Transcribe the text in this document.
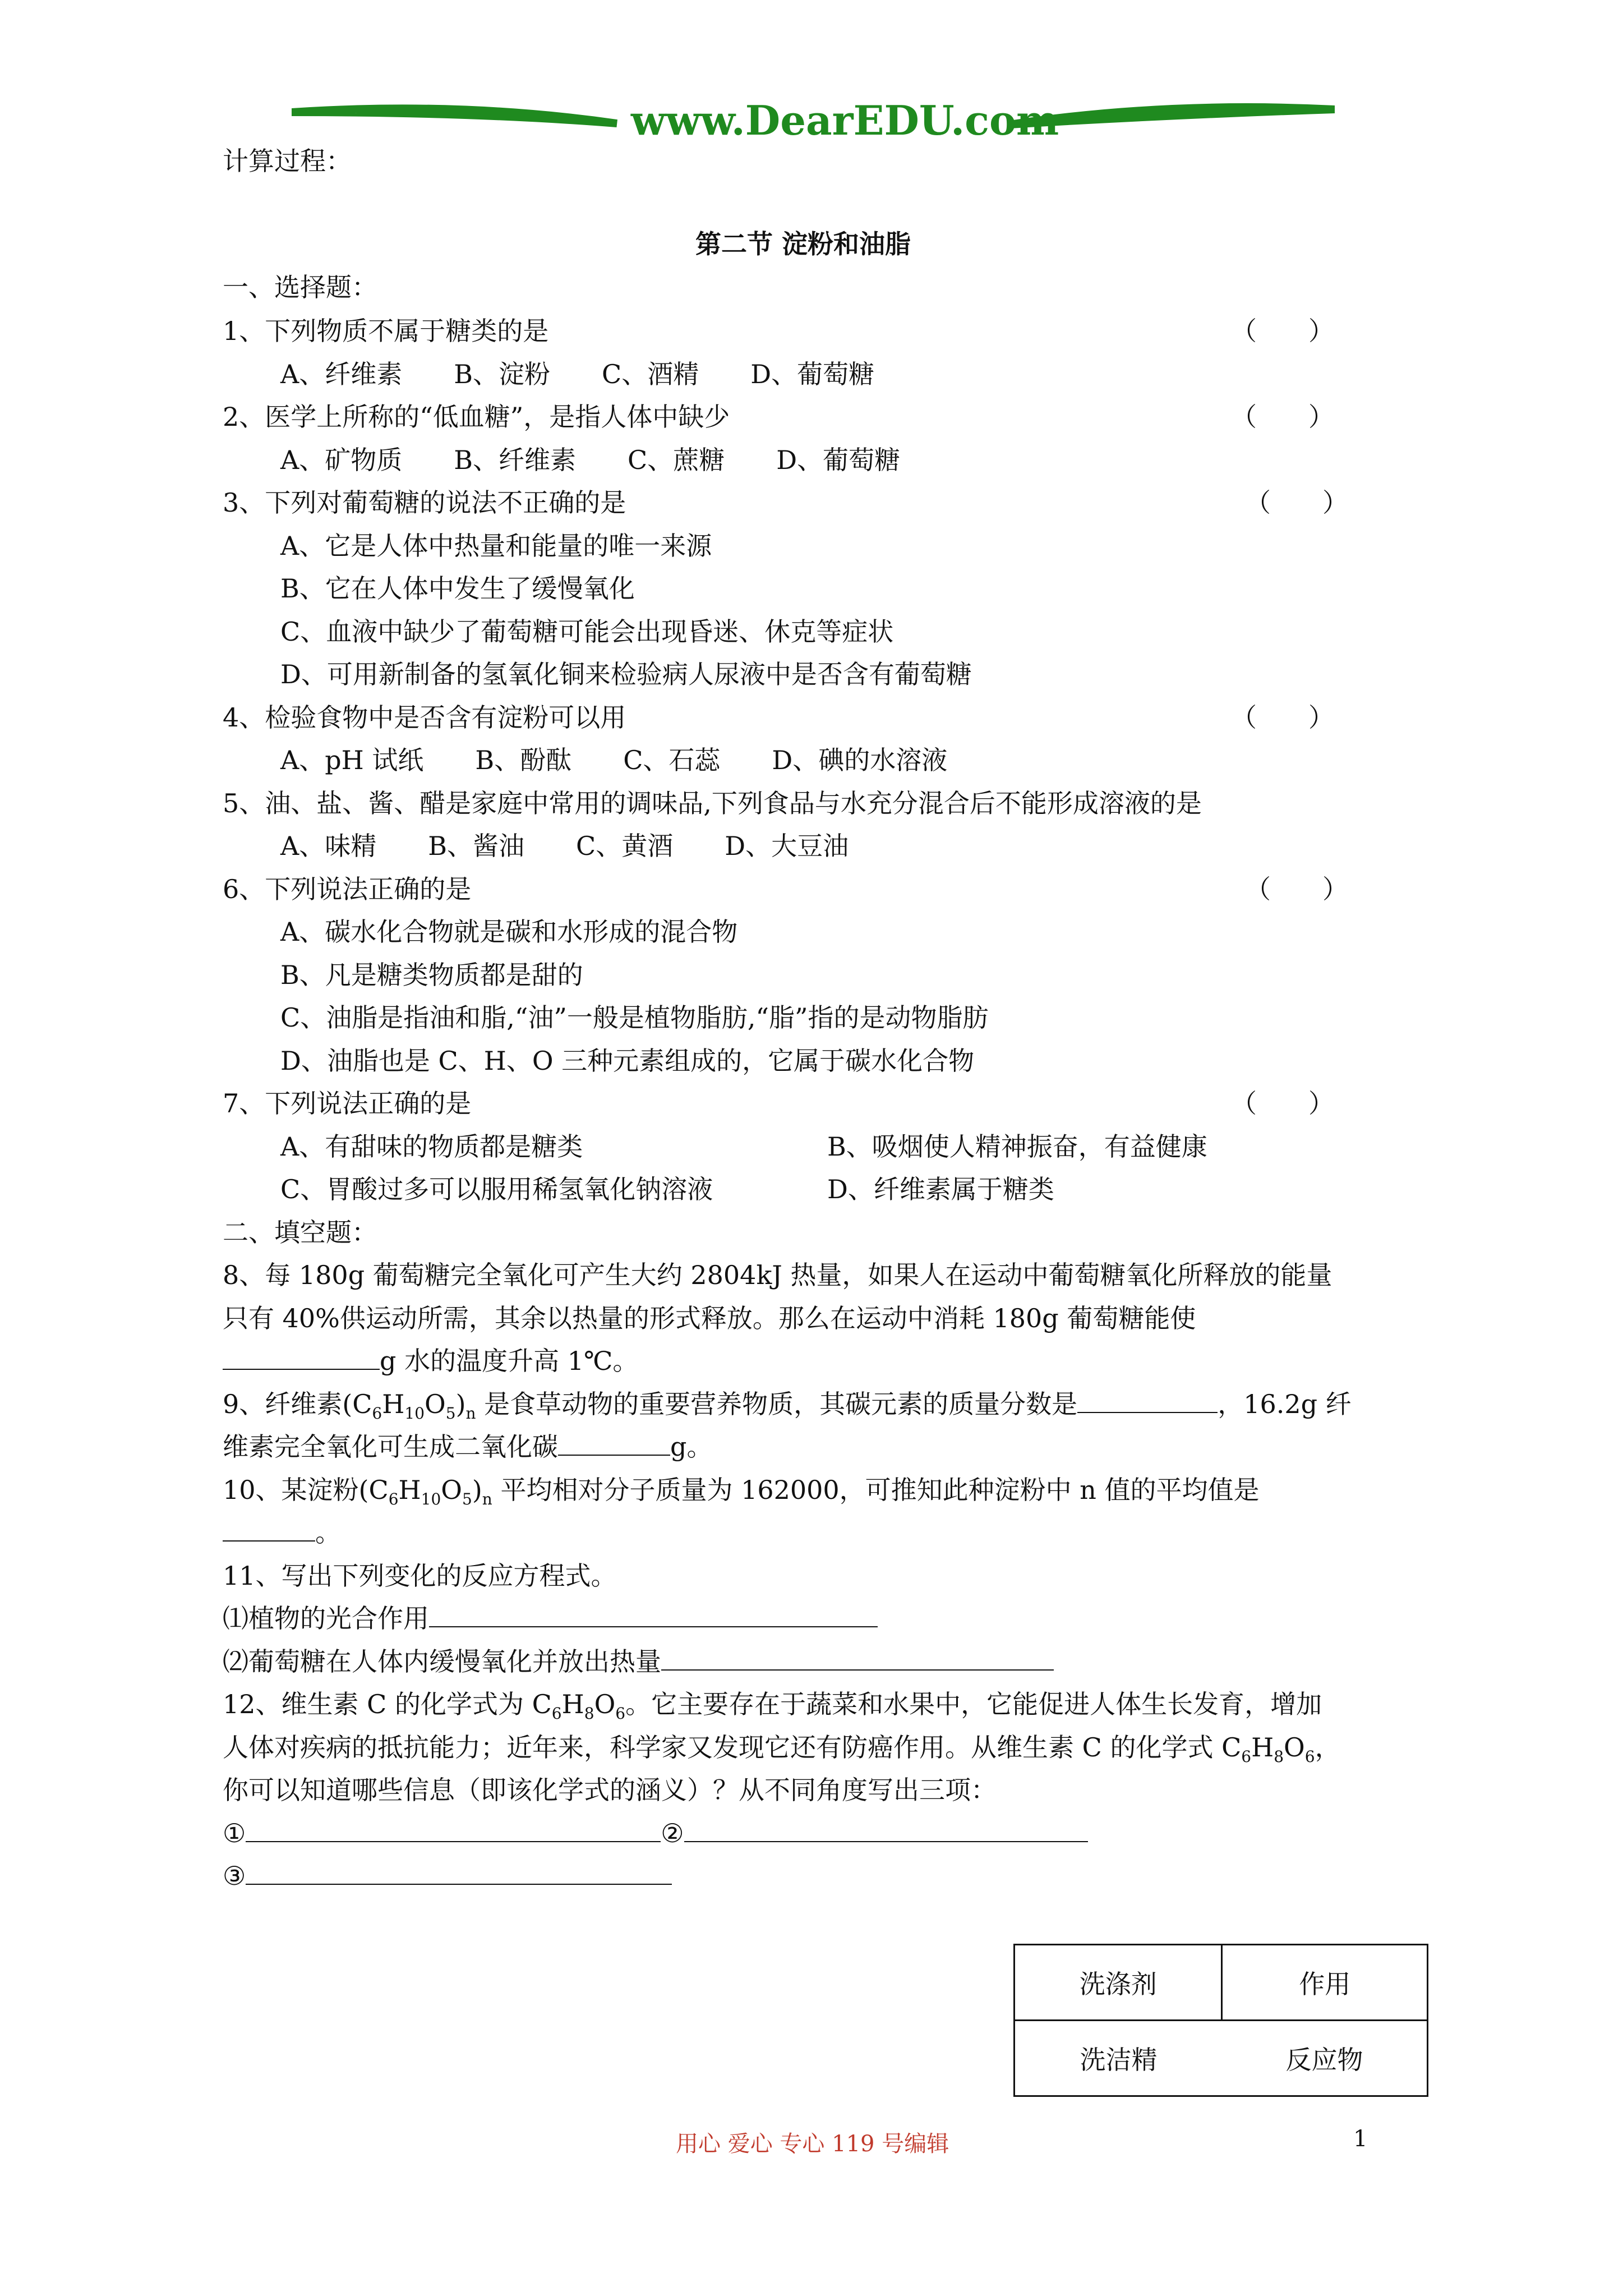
www.DearEDU.com
计算过程：
第二节 淀粉和油脂
一、选择题：
1、下列物质不属于糖类的是	（　　）
A、纤维素　　B、淀粉　　C、酒精　　D、葡萄糖
2、医学上所称的“低血糖”，是指人体中缺少	（　　）
A、矿物质　　B、纤维素　　C、蔗糖　　D、葡萄糖
3、下列对葡萄糖的说法不正确的是	（　　）
A、它是人体中热量和能量的唯一来源
B、它在人体中发生了缓慢氧化
C、血液中缺少了葡萄糖可能会出现昏迷、休克等症状
D、可用新制备的氢氧化铜来检验病人尿液中是否含有葡萄糖
4、检验食物中是否含有淀粉可以用	（　　）
A、pH 试纸　　B、酚酞　　C、石蕊　　D、碘的水溶液
5、油、盐、酱、醋是家庭中常用的调味品,下列食品与水充分混合后不能形成溶液的是
A、味精　　B、酱油　　C、黄酒　　D、大豆油
6、下列说法正确的是	（　　）
A、碳水化合物就是碳和水形成的混合物
B、凡是糖类物质都是甜的
C、油脂是指油和脂,“油”一般是植物脂肪,“脂”指的是动物脂肪
D、油脂也是 C、H、O 三种元素组成的，它属于碳水化合物
7、下列说法正确的是	（　　）
A、有甜味的物质都是糖类	B、吸烟使人精神振奋，有益健康
C、胃酸过多可以服用稀氢氧化钠溶液	D、纤维素属于糖类
二、填空题：
8、每 180g 葡萄糖完全氧化可产生大约 2804kJ 热量，如果人在运动中葡萄糖氧化所释放的能量
只有 40%供运动所需，其余以热量的形式释放。那么在运动中消耗 180g 葡萄糖能使
g 水的温度升高 1℃。
9、纤维素$(C_6H_{10}O_5)_n$ 是食草动物的重要营养物质，其碳元素的质量分数是	，16.2g 纤
维素完全氧化可生成二氧化碳	g。
10、某淀粉$(C_6H_{10}O_5)_n$ 平均相对分子质量为 162000，可推知此种淀粉中 n 值的平均值是
。
11、写出下列变化的反应方程式。
⑴植物的光合作用
⑵葡萄糖在人体内缓慢氧化并放出热量
12、维生素 C 的化学式为 $C_6H_8O_6$。它主要存在于蔬菜和水果中，它能促进人体生长发育，增加
人体对疾病的抵抗能力；近年来，科学家又发现它还有防癌作用。从维生素 C 的化学式 $C_6H_8O_6$，
你可以知道哪些信息（即该化学式的涵义）？从不同角度写出三项：
①	②
③
洗涤剂	作用
洗洁精	反应物
用心 爱心 专心 119 号编辑	1
